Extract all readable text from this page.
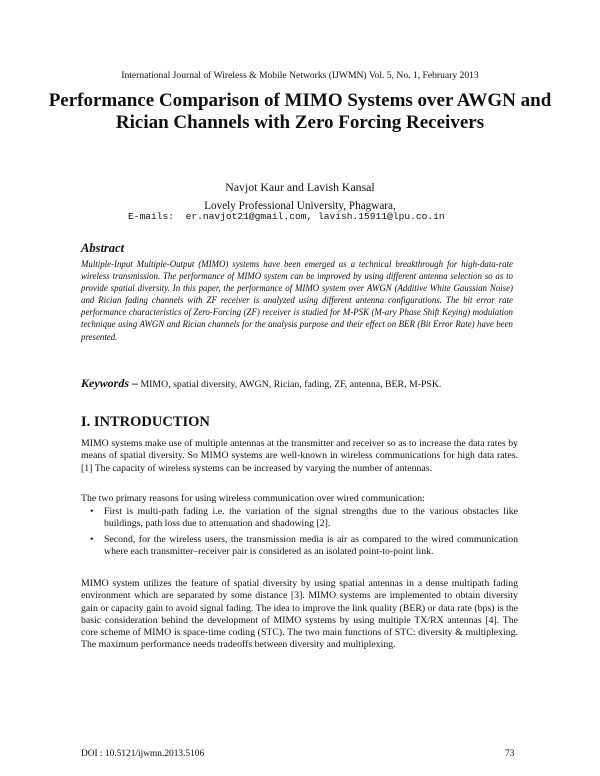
International Journal of Wireless & Mobile Networks (IJWMN) Vol. 5, No. 1, February 2013
Performance Comparison of MIMO Systems over AWGN and Rician Channels with Zero Forcing Receivers
Navjot Kaur and Lavish Kansal
Lovely Professional University, Phagwara,
E-mails:  er.navjot21@gmail.com, lavish.15911@lpu.co.in
Abstract
Multiple-Input Multiple-Output (MIMO) systems have been emerged as a technical breakthrough for high-data-rate wireless transmission. The performance of MIMO system can be improved by using different antenna selection so as to provide spatial diversity. In this paper, the performance of MIMO system over AWGN (Additive White Gaussian Noise) and Rician fading channels with ZF receiver is analyzed using different antenna configurations. The bit error rate performance characteristics of Zero-Forcing (ZF) receiver is studied for M-PSK (M-ary Phase Shift Keying) modulation technique using AWGN and Rician channels for the analysis purpose and their effect on BER (Bit Error Rate) have been presented.
Keywords – MIMO, spatial diversity, AWGN, Rician, fading, ZF, antenna, BER, M-PSK.
I. INTRODUCTION
MIMO systems make use of multiple antennas at the transmitter and receiver so as to increase the data rates by means of spatial diversity. So MIMO systems are well-known in wireless communications for high data rates. [1] The capacity of wireless systems can be increased by varying the number of antennas.
The two primary reasons for using wireless communication over wired communication:
• First is multi-path fading i.e. the variation of the signal strengths due to the various obstacles like buildings, path loss due to attenuation and shadowing [2].
• Second, for the wireless users, the transmission media is air as compared to the wired communication where each transmitter–receiver pair is considered as an isolated point-to-point link.
MIMO system utilizes the feature of spatial diversity by using spatial antennas in a dense multipath fading environment which are separated by some distance [3]. MIMO systems are implemented to obtain diversity gain or capacity gain to avoid signal fading. The idea to improve the link quality (BER) or data rate (bps) is the basic consideration behind the development of MIMO systems by using multiple TX/RX antennas [4]. The core scheme of MIMO is space-time coding (STC). The two main functions of STC: diversity & multiplexing. The maximum performance needs tradeoffs between diversity and multiplexing.
DOI : 10.5121/ijwmn.2013.5106	73
